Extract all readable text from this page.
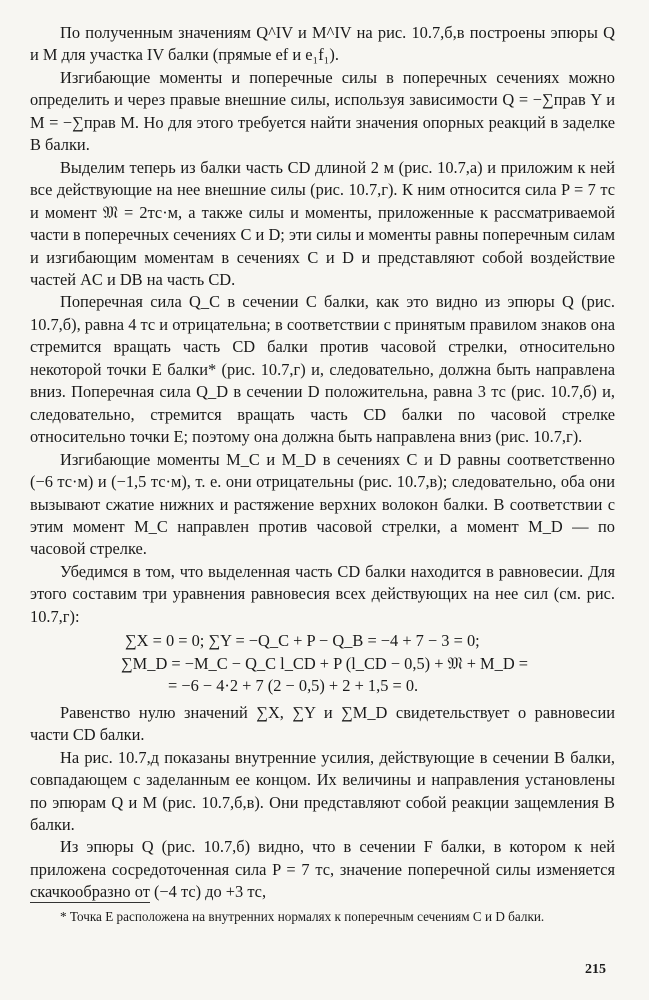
По полученным значениям Q^IV и M^IV на рис. 10.7,б,в построены эпюры Q и M для участка IV балки (прямые ef и e₁f₁).

Изгибающие моменты и поперечные силы в поперечных сечениях можно определить и через правые внешние силы, используя зависимости Q = −∑прав Y и M = −∑прав M. Но для этого требуется найти значения опорных реакций в заделке B балки.

Выделим теперь из балки часть CD длиной 2 м (рис. 10.7,а) и приложим к ней все действующие на нее внешние силы (рис. 10.7,г). К ним относится сила P = 7 тс и момент 𝔐 = 2тс·м, а также силы и моменты, приложенные к рассматриваемой части в поперечных сечениях C и D; эти силы и моменты равны поперечным силам и изгибающим моментам в сечениях C и D и представляют собой воздействие частей AC и DB на часть CD.

Поперечная сила Q_C в сечении C балки, как это видно из эпюры Q (рис. 10.7,б), равна 4 тс и отрицательна; в соответствии с принятым правилом знаков она стремится вращать часть CD балки против часовой стрелки, относительно некоторой точки E балки* (рис. 10.7,г) и, следовательно, должна быть направлена вниз. Поперечная сила Q_D в сечении D положительна, равна 3 тс (рис. 10.7,б) и, следовательно, стремится вращать часть CD балки по часовой стрелке относительно точки E; поэтому она должна быть направлена вниз (рис. 10.7,г).

Изгибающие моменты M_C и M_D в сечениях C и D равны соответственно (−6 тс·м) и (−1,5 тс·м), т. е. они отрицательны (рис. 10.7,в); следовательно, оба они вызывают сжатие нижних и растяжение верхних волокон балки. В соответствии с этим момент M_C направлен против часовой стрелки, а момент M_D — по часовой стрелке.

Убедимся в том, что выделенная часть CD балки находится в равновесии. Для этого составим три уравнения равновесия всех действующих на нее сил (см. рис. 10.7,г):

∑X = 0 = 0; ∑Y = −Q_C + P − Q_B = −4 + 7 − 3 = 0;
∑M_D = −M_C − Q_C l_CD + P (l_CD − 0,5) + 𝔐 + M_D =
= −6 − 4·2 + 7 (2 − 0,5) + 2 + 1,5 = 0.

Равенство нулю значений ∑X, ∑Y и ∑M_D свидетельствует о равновесии части CD балки.

На рис. 10.7,д показаны внутренние усилия, действующие в сечении B балки, совпадающем с заделанным ее концом. Их величины и направления установлены по эпюрам Q и M (рис. 10.7,б,в). Они представляют собой реакции защемления B балки.

Из эпюры Q (рис. 10.7,б) видно, что в сечении F балки, в котором к ней приложена сосредоточенная сила P = 7 тс, значение поперечной силы изменяется скачкообразно от (−4 тс) до +3 тс,

* Точка E расположена на внутренних нормалях к поперечным сечениям C и D балки.

215
